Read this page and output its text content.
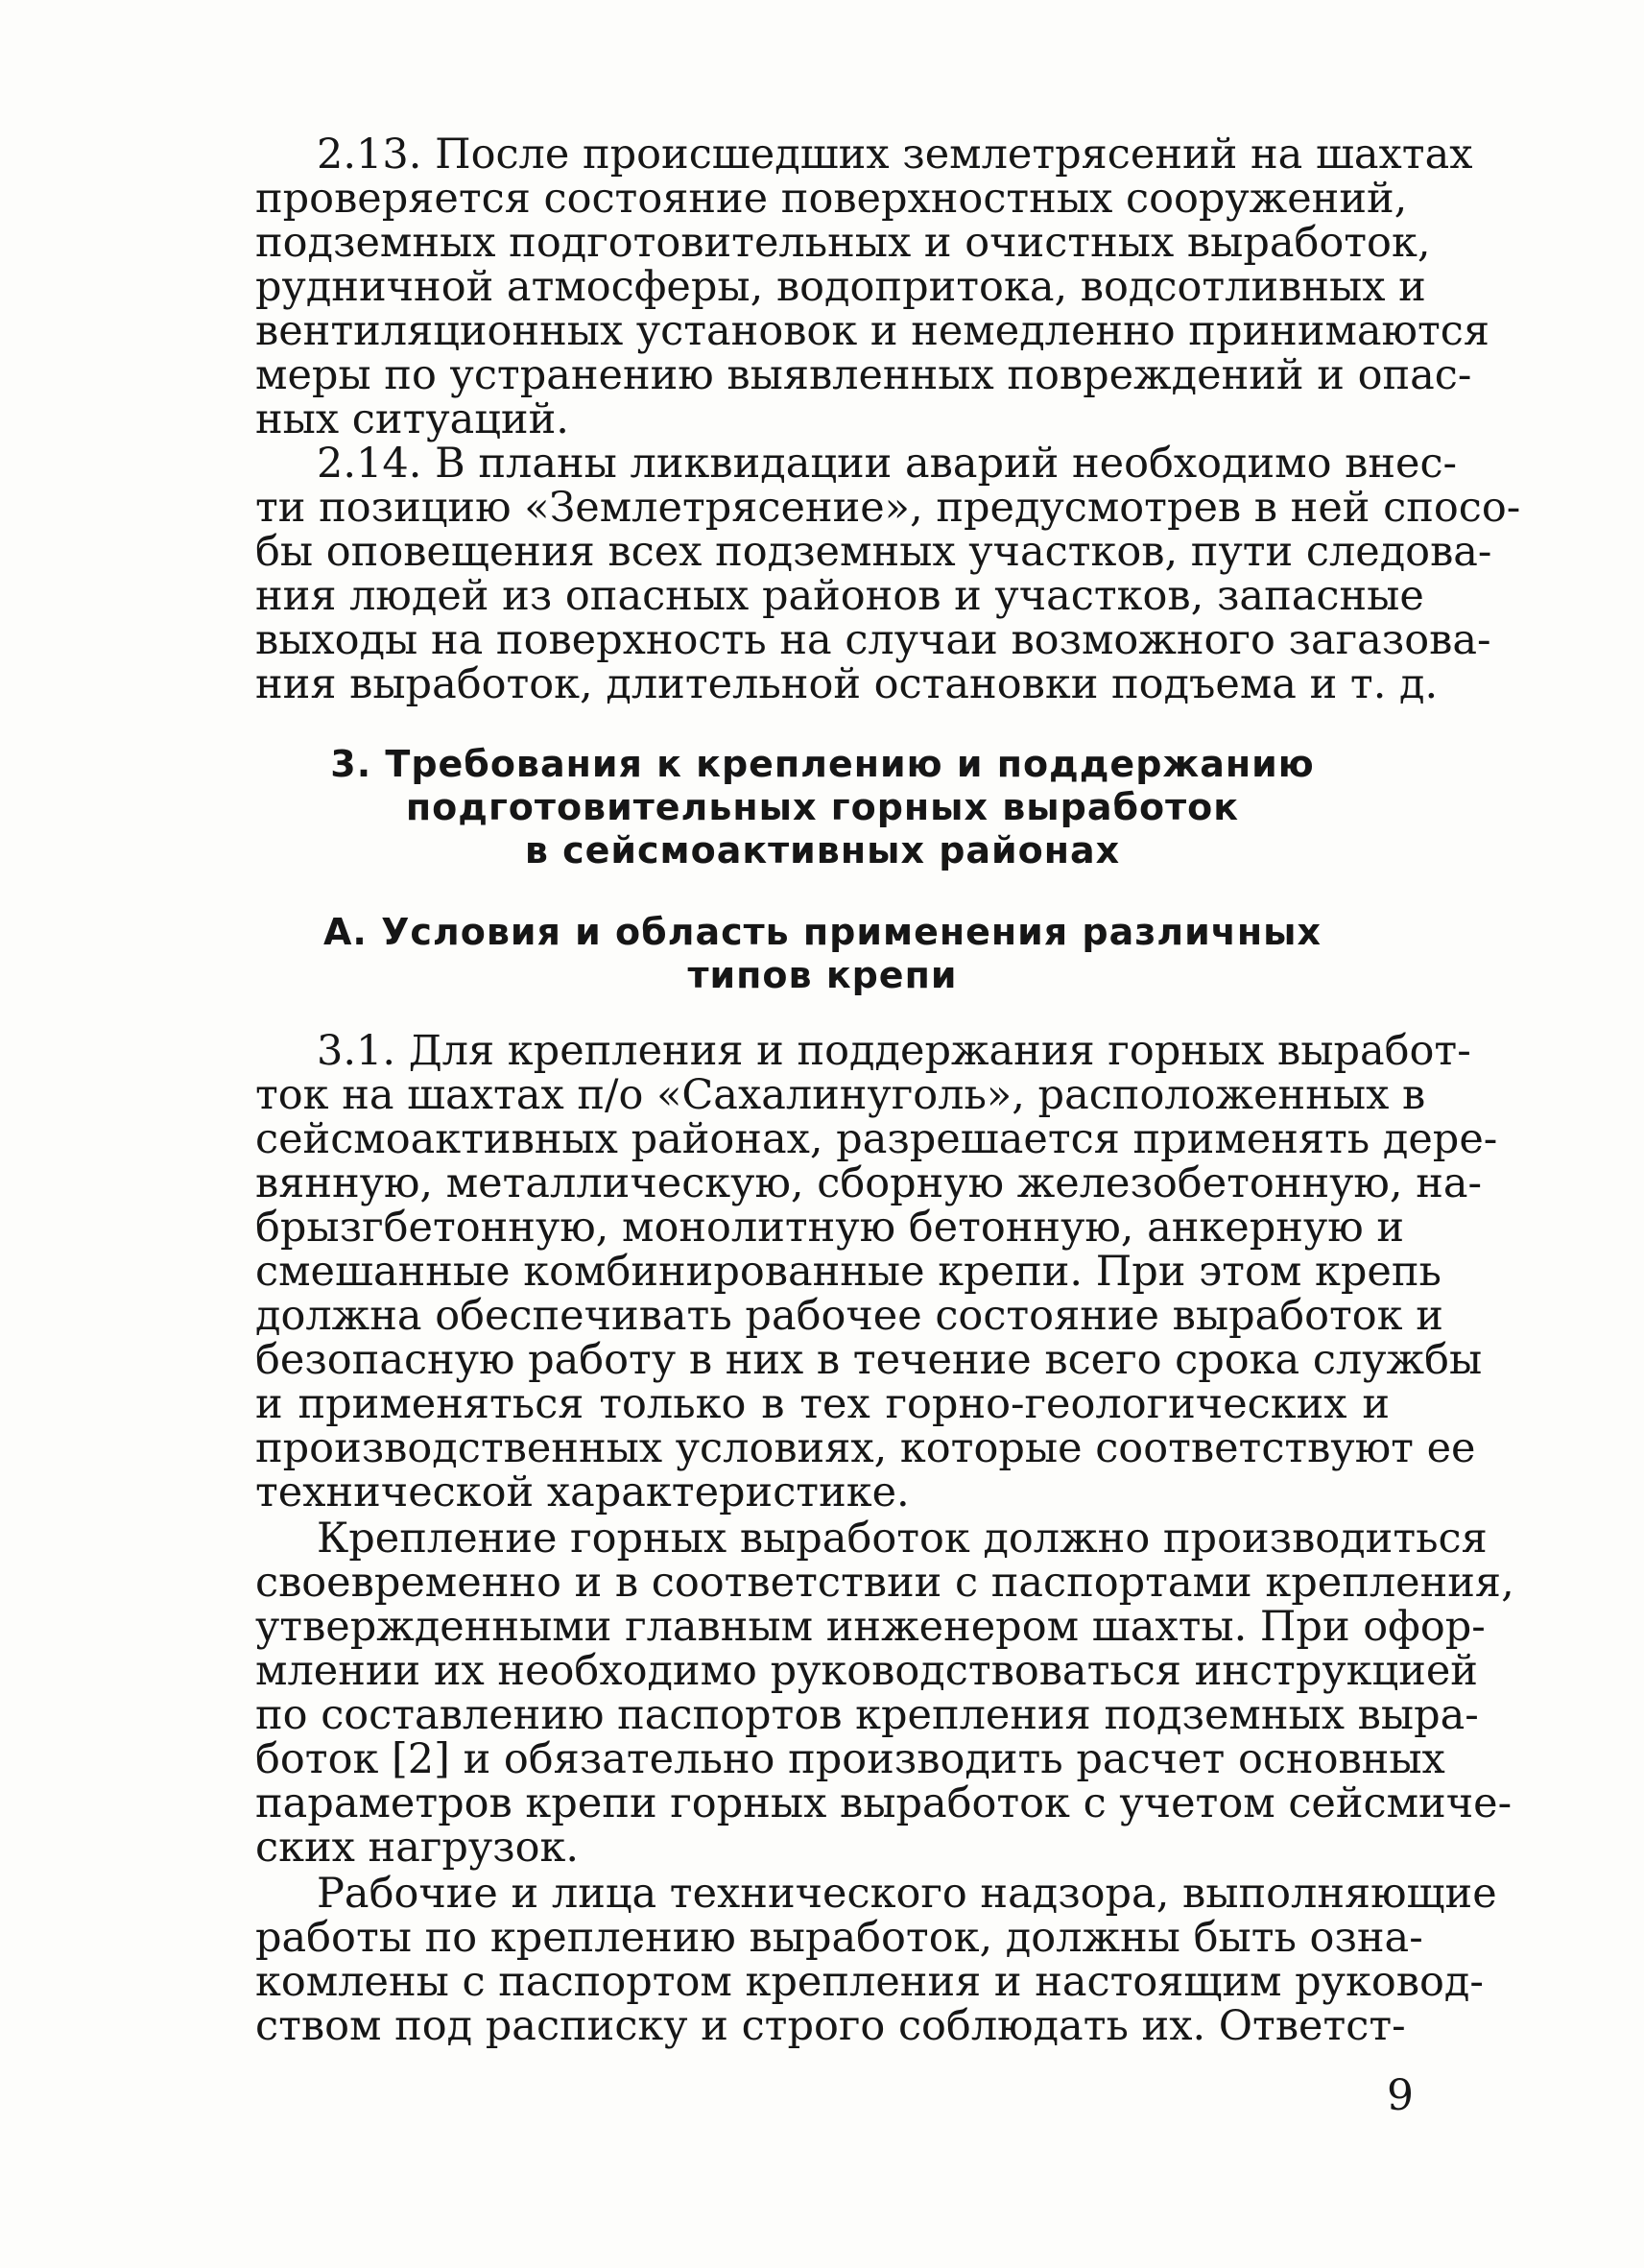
2.13. После происшедших землетрясений на шахтах
проверяется состояние поверхностных сооружений,
подземных подготовительных и очистных выработок,
рудничной атмосферы, водопритока, водсотливных и
вентиляционных установок и немедленно принимаются
меры по устранению выявленных повреждений и опас-
ных ситуаций.
2.14. В планы ликвидации аварий необходимо внес-
ти позицию «Землетрясение», предусмотрев в ней спосо-
бы оповещения всех подземных участков, пути следова-
ния людей из опасных районов и участков, запасные
выходы на поверхность на случаи возможного загазова-
ния выработок, длительной остановки подъема и т. д.
3. Требования к креплению и поддержанию
подготовительных горных выработок
в сейсмоактивных районах
А. Условия и область применения различных
типов крепи
3.1. Для крепления и поддержания горных выработ-
ток на шахтах п/о «Сахалинуголь», расположенных в
сейсмоактивных районах, разрешается применять дере-
вянную, металлическую, сборную железобетонную, на-
брызгбетонную, монолитную бетонную, анкерную и
смешанные комбинированные крепи. При этом крепь
должна обеспечивать рабочее состояние выработок и
безопасную работу в них в течение всего срока службы
и применяться только в тех горно-геологических и
производственных условиях, которые соответствуют ее
технической характеристике.
Крепление горных выработок должно производиться
своевременно и в соответствии с паспортами крепления,
утвержденными главным инженером шахты. При офор-
млении их необходимо руководствоваться инструкцией
по составлению паспортов крепления подземных выра-
боток [2] и обязательно производить расчет основных
параметров крепи горных выработок с учетом сейсмиче-
ских нагрузок.
Рабочие и лица технического надзора, выполняющие
работы по креплению выработок, должны быть озна-
комлены с паспортом крепления и настоящим руковод-
ством под расписку и строго соблюдать их. Ответст-
9
